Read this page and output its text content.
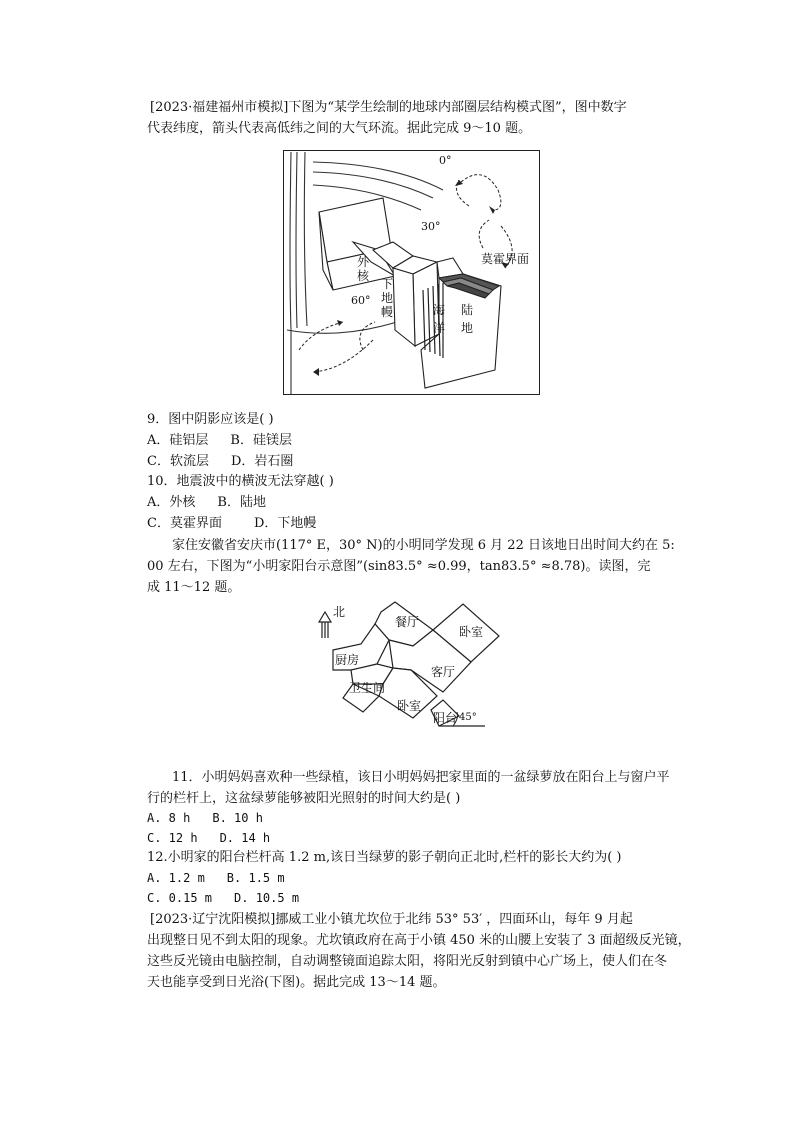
[2023·福建福州市模拟]下图为“某学生绘制的地球内部圈层结构模式图”，图中数字

代表纬度，箭头代表高低纬之间的大气环流。据此完成 9～10 题。

0°
30°
60°
莫霍界面
外
核
下
地
幔	海
洋
陆
地

9．图中阴影应该是( )

A．硅铝层 B．硅镁层

C．软流层 D．岩石圈

10．地震波中的横波无法穿越( )

A．外核 B．陆地

C．莫霍界面 D．下地幔

家住安徽省安庆市(117° E，30° N)的小明同学发现 6 月 22 日该地日出时间大约在 5:

00 左右，下图为“小明家阳台示意图”(sin83.5° ≈0.99，tan83.5° ≈8.78)。读图，完

成 11～12 题。

北
餐厅
卧室
厨房
客厅
卫生间
卧室
阳台 45°

11．小明妈妈喜欢种一些绿植，该日小明妈妈把家里面的一盆绿萝放在阳台上与窗户平

行的栏杆上，这盆绿萝能够被阳光照射的时间大约是( )

A. 8 h B. 10 h

C. 12 h D. 14 h

12.小明家的阳台栏杆高 1.2 m,该日当绿萝的影子朝向正北时,栏杆的影长大约为( )

A. 1.2 m B. 1.5 m

C. 0.15 m D. 10.5 m

[2023·辽宁沈阳模拟]挪威工业小镇尤坎位于北纬 53° 53′ ，四面环山，每年 9 月起

出现整日见不到太阳的现象。尤坎镇政府在高于小镇 450 米的山腰上安装了 3 面超级反光镜，

这些反光镜由电脑控制，自动调整镜面追踪太阳，将阳光反射到镇中心广场上，使人们在冬

天也能享受到日光浴(下图)。据此完成 13～14 题。
